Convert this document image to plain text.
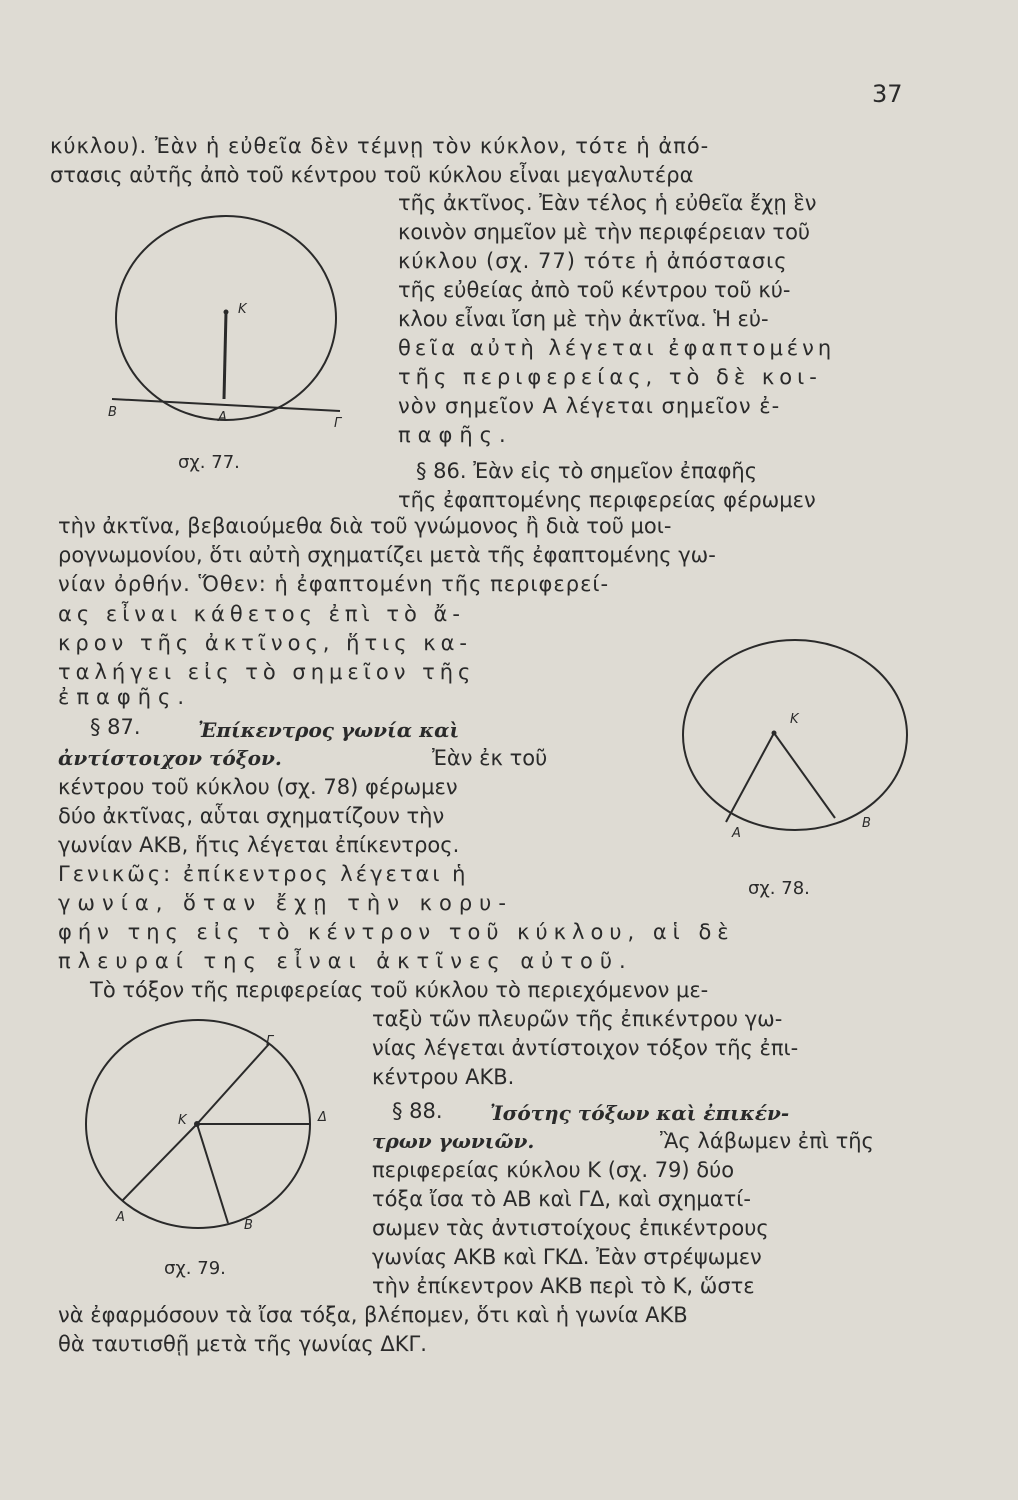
37
κύκλου). Ἐὰν ἡ εὐθεῖα δὲν τέμνῃ τὸν κύκλον, τότε ἡ ἀπό-
στασις αὐτῆς ἀπὸ τοῦ κέντρου τοῦ κύκλου εἶναι μεγαλυτέρα
τῆς ἀκτῖνος. Ἐὰν τέλος ἡ εὐθεῖα ἔχῃ ἓν
κοινὸν σημεῖον μὲ τὴν περιφέρειαν τοῦ
κύκλου (σχ. 77) τότε ἡ ἀπόστασις
τῆς εὐθείας ἀπὸ τοῦ κέντρου τοῦ κύ-
κλου εἶναι ἴση μὲ τὴν ἀκτῖνα. Ἡ εὐ-
θεῖα αὐτὴ λέγεται ἐφαπτομένη
τῆς περιφερείας, τὸ δὲ κοι-
νὸν σημεῖον Α λέγεται σημεῖον ἐ-
παφῆς.
§ 86. Ἐὰν εἰς τὸ σημεῖον ἐπαφῆς
τῆς ἐφαπτομένης περιφερείας φέρωμεν
τὴν ἀκτῖνα, βεβαιούμεθα διὰ τοῦ γνώμονος ἢ διὰ τοῦ μοι-
ρογνωμονίου, ὅτι αὐτὴ σχηματίζει μετὰ τῆς ἐφαπτομένης γω-
νίαν ὀρθήν. Ὅθεν: ἡ ἐφαπτομένη τῆς περιφερεί-
ας εἶναι κάθετος ἐπὶ τὸ ἄ-
κρον τῆς ἀκτῖνος, ἥτις κα-
ταλήγει εἰς τὸ σημεῖον τῆς
ἐπαφῆς.
§ 87.	Ἐπίκεντρος γωνία καὶ
ἀντίστοιχον τόξον.	Ἐὰν ἐκ τοῦ
κέντρου τοῦ κύκλου (σχ. 78) φέρωμεν
δύο ἀκτῖνας, αὗται σχηματίζουν τὴν
γωνίαν ΑΚΒ, ἥτις λέγεται ἐπίκεντρος.
Γενικῶς: ἐπίκεντρος λέγεται ἡ
γωνία, ὅταν ἔχῃ τὴν κορυ-
φήν της εἰς τὸ κέντρον τοῦ κύκλου, αἱ δὲ
πλευραί της εἶναι ἀκτῖνες αὐτοῦ.
Τὸ τόξον τῆς περιφερείας τοῦ κύκλου τὸ περιεχόμενον με-
ταξὺ τῶν πλευρῶν τῆς ἐπικέντρου γω-
νίας λέγεται ἀντίστοιχον τόξον τῆς ἐπι-
κέντρου ΑΚΒ.
§ 88. Ἰσότης τόξων καὶ ἐπικέν-
τρων γωνιῶν.	Ἂς λάβωμεν ἐπὶ τῆς
περιφερείας κύκλου Κ (σχ. 79) δύο
τόξα ἴσα τὸ ΑΒ καὶ ΓΔ, καὶ σχηματί-
σωμεν τὰς ἀντιστοίχους ἐπικέντρους
γωνίας ΑΚΒ καὶ ΓΚΔ. Ἐὰν στρέψωμεν
τὴν ἐπίκεντρον ΑΚΒ περὶ τὸ Κ, ὥστε
νὰ ἐφαρμόσουν τὰ ἴσα τόξα, βλέπομεν, ὅτι καὶ ἡ γωνία ΑΚΒ
θὰ ταυτισθῇ μετὰ τῆς γωνίας ΔΚΓ.
K
B	A	Γ
σχ. 77.
K
A
B
σχ. 78.
Γ
K	Δ
A
B
σχ. 79.
